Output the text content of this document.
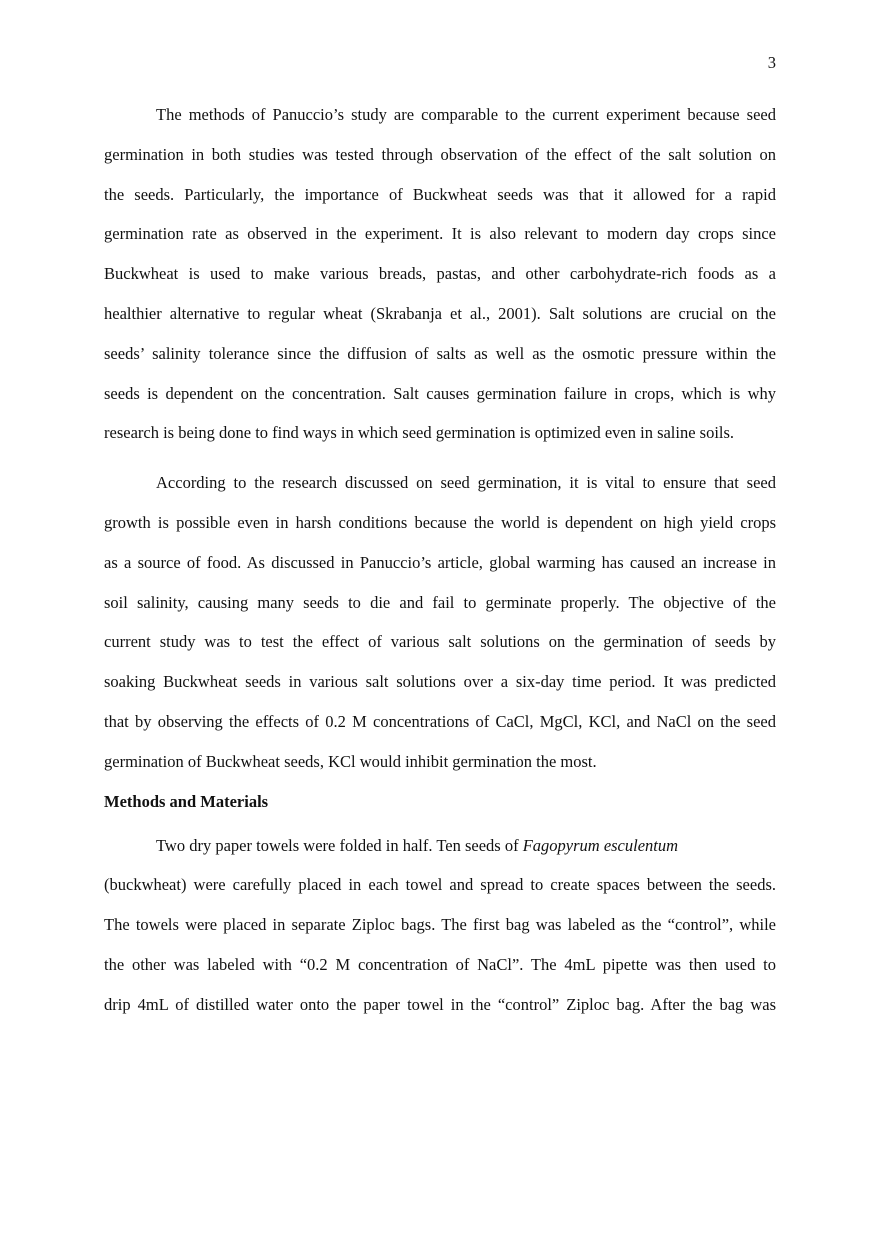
3
The methods of Panuccio’s study are comparable to the current experiment because seed
germination in both studies was tested through observation of the effect of the salt solution on
the seeds. Particularly, the importance of Buckwheat seeds was that it allowed for a rapid
germination rate as observed in the experiment. It is also relevant to modern day crops since
Buckwheat is used to make various breads, pastas, and other carbohydrate-rich foods as a
healthier alternative to regular wheat (Skrabanja et al., 2001). Salt solutions are crucial on the
seeds’ salinity tolerance since the diffusion of salts as well as the osmotic pressure within the
seeds is dependent on the concentration. Salt causes germination failure in crops, which is why
research is being done to find ways in which seed germination is optimized even in saline soils.
According to the research discussed on seed germination, it is vital to ensure that seed
growth is possible even in harsh conditions because the world is dependent on high yield crops
as a source of food. As discussed in Panuccio’s article, global warming has caused an increase in
soil salinity, causing many seeds to die and fail to germinate properly. The objective of the
current study was to test the effect of various salt solutions on the germination of seeds by
soaking Buckwheat seeds in various salt solutions over a six-day time period. It was predicted
that by observing the effects of 0.2 M concentrations of CaCl, MgCl, KCl, and NaCl on the seed
germination of Buckwheat seeds, KCl would inhibit germination the most.
Methods and Materials
Two dry paper towels were folded in half. Ten seeds of Fagopyrum esculentum
(buckwheat) were carefully placed in each towel and spread to create spaces between the seeds.
The towels were placed in separate Ziploc bags. The first bag was labeled as the “control”, while
the other was labeled with “0.2 M concentration of NaCl”. The 4mL pipette was then used to
drip 4mL of distilled water onto the paper towel in the “control” Ziploc bag. After the bag was
